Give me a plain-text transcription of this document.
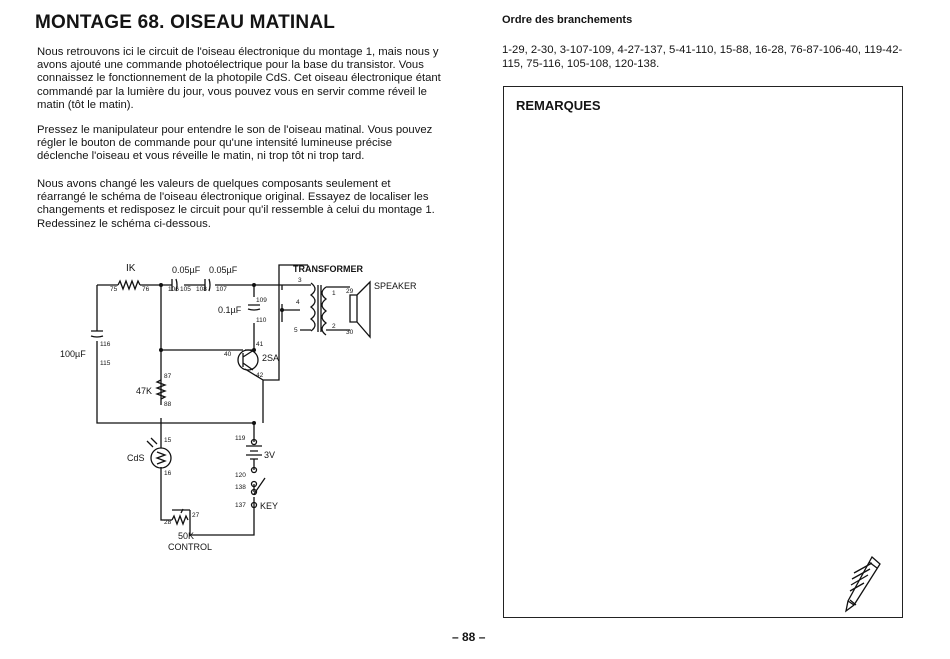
MONTAGE 68. OISEAU MATINAL

Nous retrouvons ici le circuit de l'oiseau électronique du montage 1, mais nous y avons ajouté une commande photoélectrique pour la base du transistor. Vous connaissez le fonctionnement de la photopile CdS. Cet oiseau électronique étant commandé par la lumière du jour, vous pouvez vous en servir comme réveil le matin (tôt le matin).

Pressez le manipulateur pour entendre le son de l'oiseau matinal. Vous pouvez régler le bouton de commande pour qu'une intensité lumineuse précise déclenche l'oiseau et vous réveille le matin, ni trop tôt ni trop tard.

Nous avons changé les valeurs de quelques composants seulement et réarrangé le schéma de l'oiseau électronique original. Essayez de localiser les changements et redisposez le circuit pour qu'il ressemble à celui du montage 1. Redessinez le schéma ci-dessous.

IK	0.05µF 0.05µF	TRANSFORMER
SPEAKER
0.1µF
100µF	2SA
47K
CdS	3V
KEY
50K
CONTROL
75	76	106 105 108 107
3
4
5
1
2
29
30
109
110
116
115
40
41
42
87
88
15
16
119
120
138
137
28
27
Ordre des branchements

1-29, 2-30, 3-107-109, 4-27-137, 5-41-110, 15-88, 16-28, 76-87-106-40, 119-42-115, 75-116, 105-108, 120-138.

REMARQUES
– 88 –
